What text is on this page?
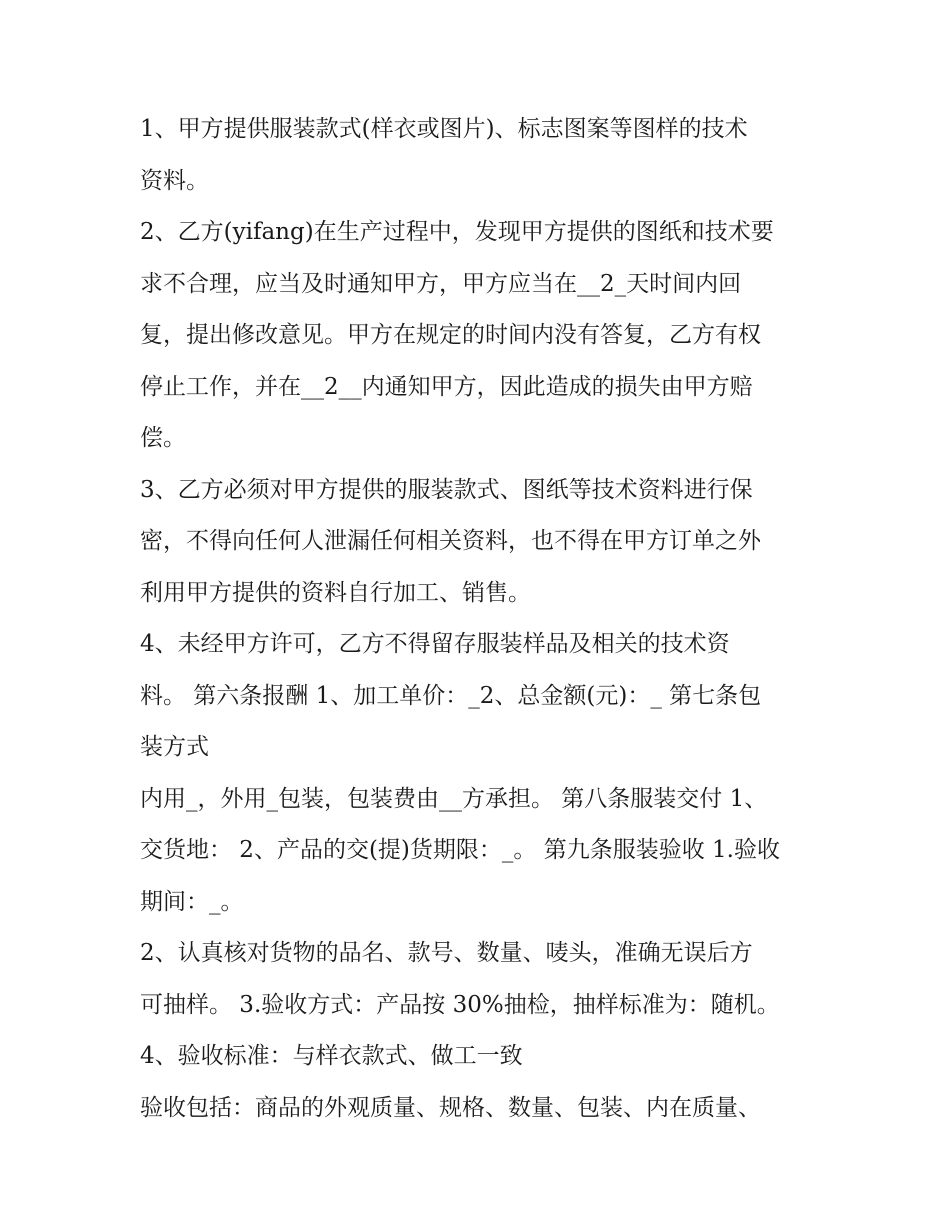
1、甲方提供服装款式(样衣或图片)、标志图案等图样的技术
资料。
2、乙方(yifang)在生产过程中，发现甲方提供的图纸和技术要
求不合理，应当及时通知甲方，甲方应当在__2_天时间内回
复，提出修改意见。甲方在规定的时间内没有答复，乙方有权
停止工作，并在__2__内通知甲方，因此造成的损失由甲方赔
偿。
3、乙方必须对甲方提供的服装款式、图纸等技术资料进行保
密，不得向任何人泄漏任何相关资料，也不得在甲方订单之外
利用甲方提供的资料自行加工、销售。
4、未经甲方许可，乙方不得留存服装样品及相关的技术资
料。 第六条报酬 1、加工单价：_2、总金额(元)：_ 第七条包
装方式
内用_，外用_包装，包装费由__方承担。 第八条服装交付 1、
交货地： 2、产品的交(提)货期限：_。 第九条服装验收 1.验收
期间：_。
2、认真核对货物的品名、款号、数量、唛头，准确无误后方
可抽样。 3.验收方式：产品按 30%抽检，抽样标准为：随机。
4、验收标准：与样衣款式、做工一致
验收包括：商品的外观质量、规格、数量、包装、内在质量、
